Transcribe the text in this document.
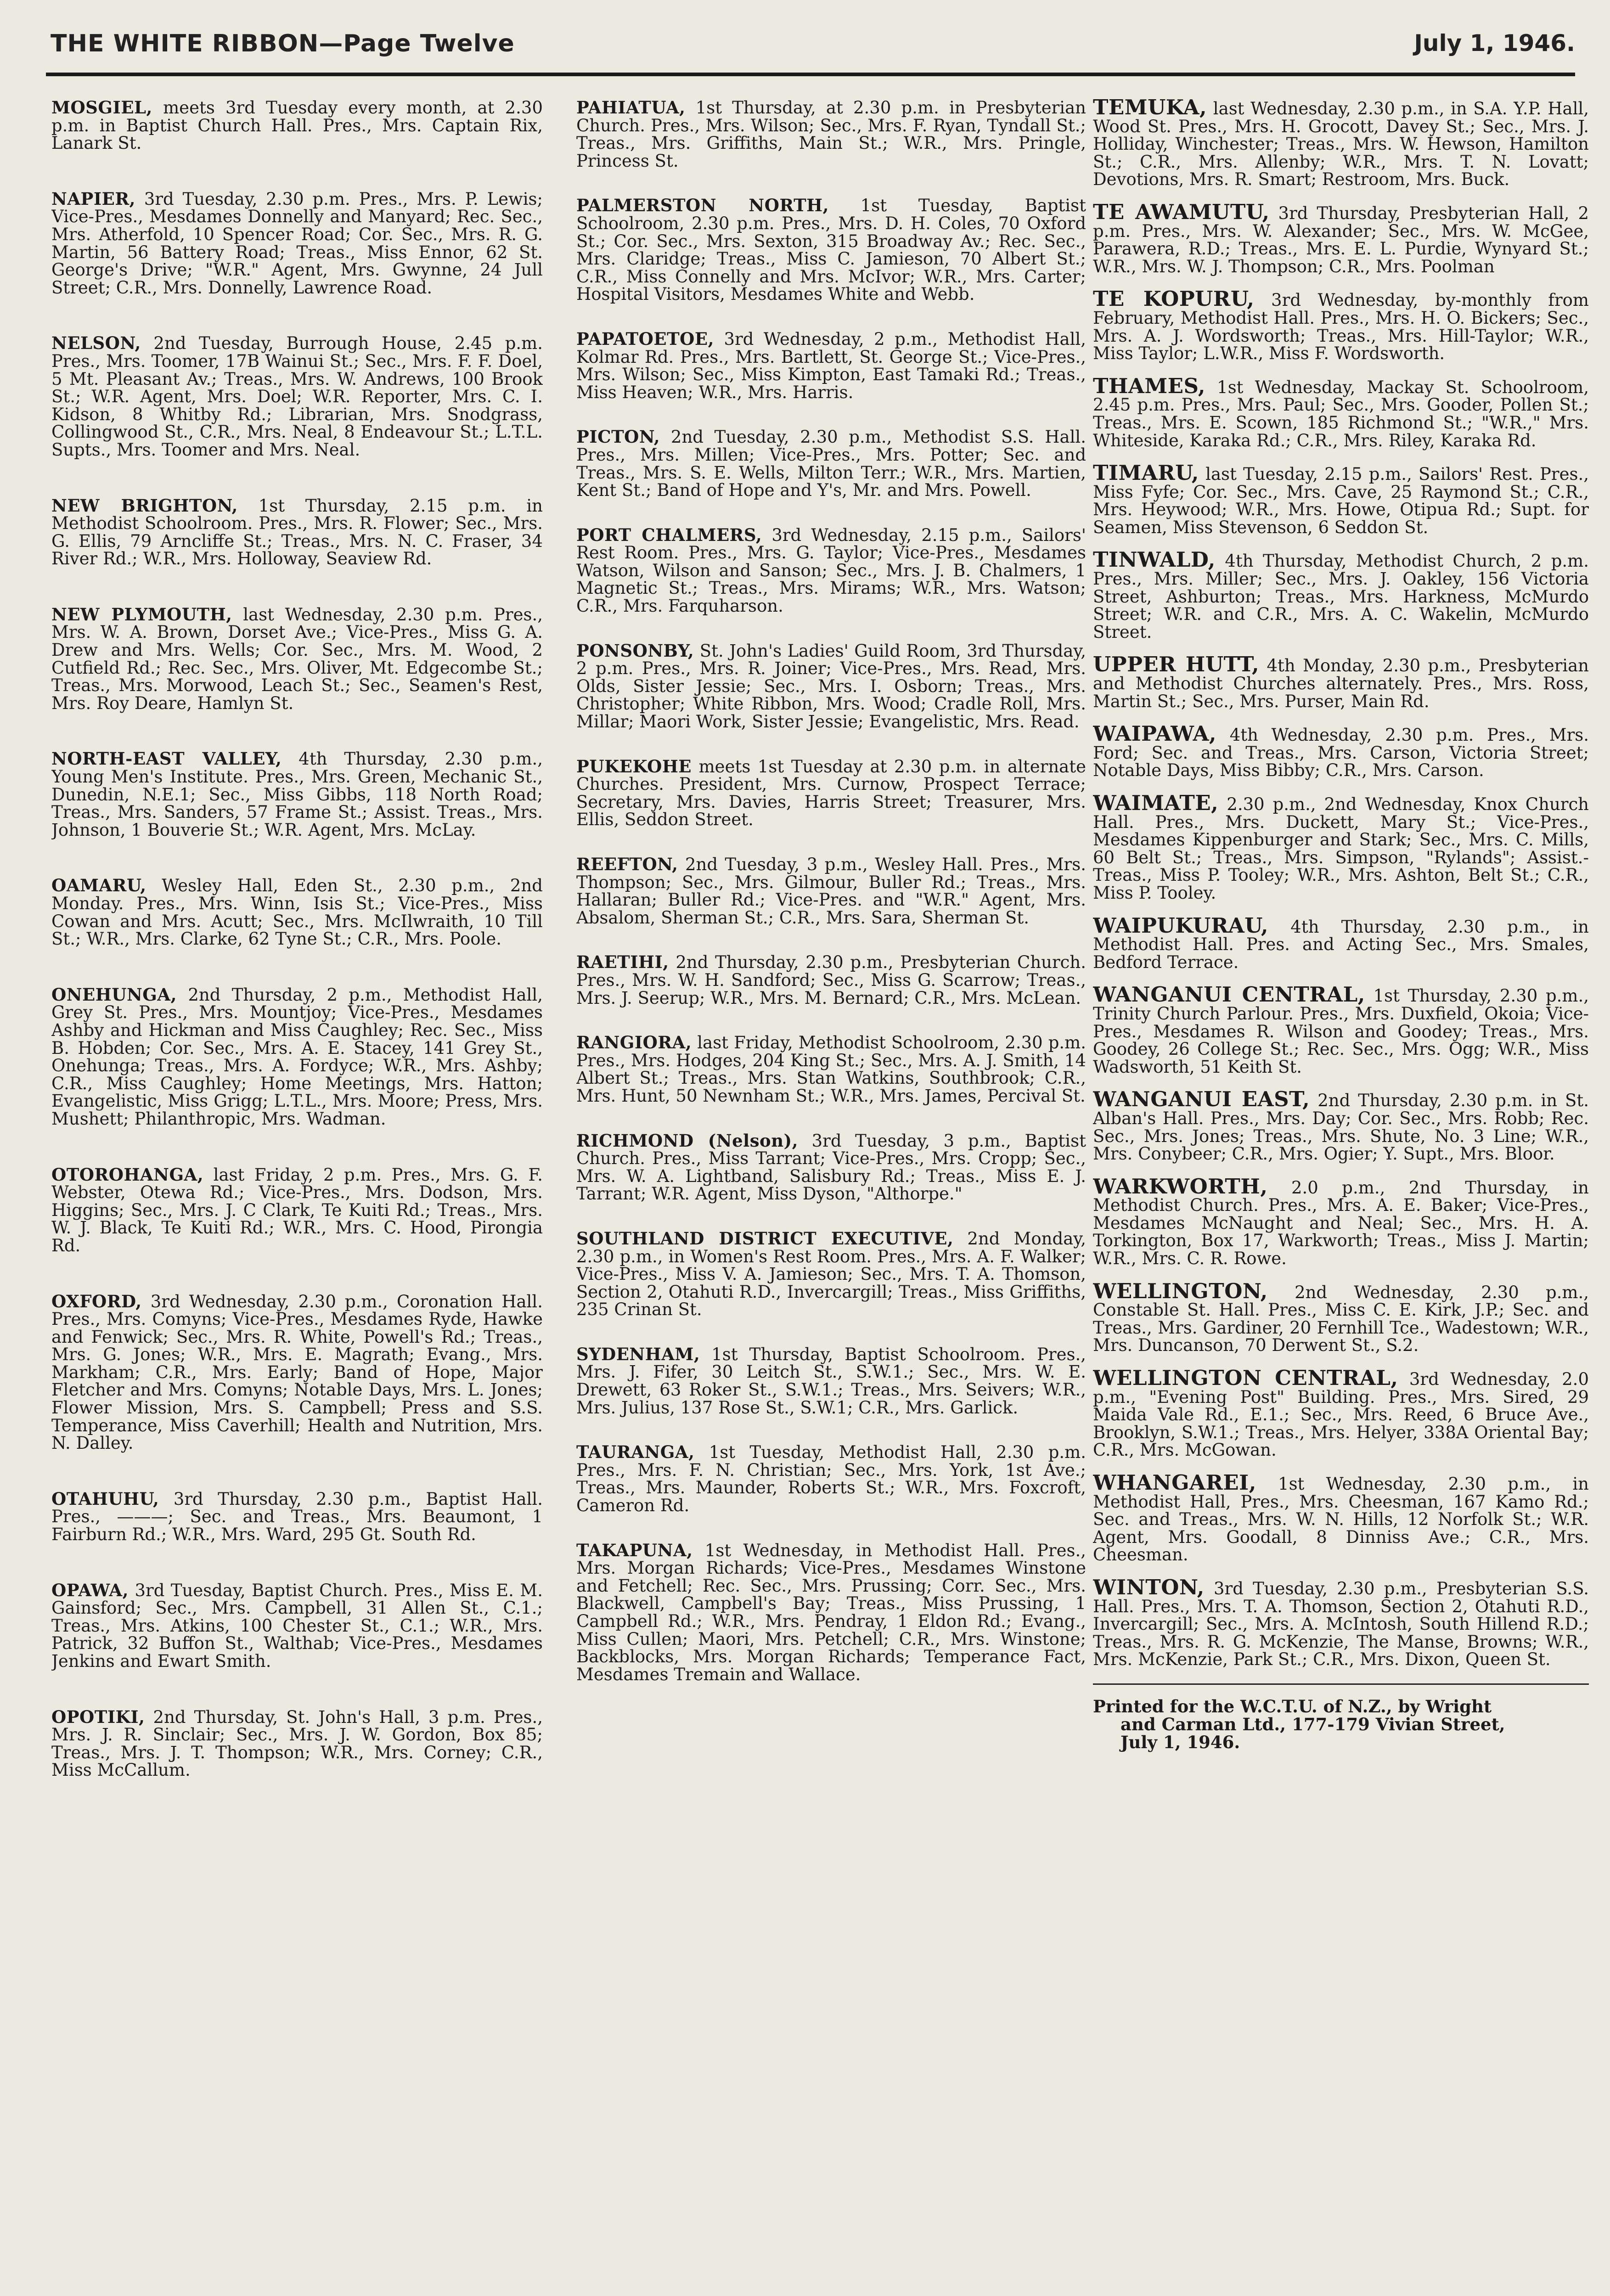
THE WHITE RIBBON—Page Twelve	July 1, 1946.
MOSGIEL, meets 3rd Tuesday every month, at 2.30 p.m. in Baptist Church Hall. Pres., Mrs. Captain Rix, Lanark St.
NAPIER, 3rd Tuesday, 2.30 p.m. Pres., Mrs. P. Lewis; Vice-Pres., Mesdames Donnelly and Manyard; Rec. Sec., Mrs. Atherfold, 10 Spencer Road; Cor. Sec., Mrs. R. G. Martin, 56 Battery Road; Treas., Miss Ennor, 62 St. George's Drive; "W.R." Agent, Mrs. Gwynne, 24 Jull Street; C.R., Mrs. Donnelly, Lawrence Road.
NELSON, 2nd Tuesday, Burrough House, 2.45 p.m. Pres., Mrs. Toomer, 17B Wainui St.; Sec., Mrs. F. F. Doel, 5 Mt. Pleasant Av.; Treas., Mrs. W. Andrews, 100 Brook St.; W.R. Agent, Mrs. Doel; W.R. Reporter, Mrs. C. I. Kidson, 8 Whitby Rd.; Librarian, Mrs. Snodgrass, Collingwood St., C.R., Mrs. Neal, 8 Endeavour St.; L.T.L. Supts., Mrs. Toomer and Mrs. Neal.
NEW BRIGHTON, 1st Thursday, 2.15 p.m. in Methodist Schoolroom. Pres., Mrs. R. Flower; Sec., Mrs. G. Ellis, 79 Arncliffe St.; Treas., Mrs. N. C. Fraser, 34 River Rd.; W.R., Mrs. Holloway, Seaview Rd.
NEW PLYMOUTH, last Wednesday, 2.30 p.m. Pres., Mrs. W. A. Brown, Dorset Ave.; Vice-Pres., Miss G. A. Drew and Mrs. Wells; Cor. Sec., Mrs. M. Wood, 2 Cutfield Rd.; Rec. Sec., Mrs. Oliver, Mt. Edgecombe St.; Treas., Mrs. Morwood, Leach St.; Sec., Seamen's Rest, Mrs. Roy Deare, Hamlyn St.
NORTH-EAST VALLEY, 4th Thursday, 2.30 p.m., Young Men's Institute. Pres., Mrs. Green, Mechanic St., Dunedin, N.E.1; Sec., Miss Gibbs, 118 North Road; Treas., Mrs. Sanders, 57 Frame St.; Assist. Treas., Mrs. Johnson, 1 Bouverie St.; W.R. Agent, Mrs. McLay.
OAMARU, Wesley Hall, Eden St., 2.30 p.m., 2nd Monday. Pres., Mrs. Winn, Isis St.; Vice-Pres., Miss Cowan and Mrs. Acutt; Sec., Mrs. McIlwraith, 10 Till St.; W.R., Mrs. Clarke, 62 Tyne St.; C.R., Mrs. Poole.
ONEHUNGA, 2nd Thursday, 2 p.m., Methodist Hall, Grey St. Pres., Mrs. Mountjoy; Vice-Pres., Mesdames Ashby and Hickman and Miss Caughley; Rec. Sec., Miss B. Hobden; Cor. Sec., Mrs. A. E. Stacey, 141 Grey St., Onehunga; Treas., Mrs. A. Fordyce; W.R., Mrs. Ashby; C.R., Miss Caughley; Home Meetings, Mrs. Hatton; Evangelistic, Miss Grigg; L.T.L., Mrs. Moore; Press, Mrs. Mushett; Philanthropic, Mrs. Wadman.
OTOROHANGA, last Friday, 2 p.m. Pres., Mrs. G. F. Webster, Otewa Rd.; Vice-Pres., Mrs. Dodson, Mrs. Higgins; Sec., Mrs. J. C Clark, Te Kuiti Rd.; Treas., Mrs. W. J. Black, Te Kuiti Rd.; W.R., Mrs. C. Hood, Pirongia Rd.
OXFORD, 3rd Wednesday, 2.30 p.m., Coronation Hall. Pres., Mrs. Comyns; Vice-Pres., Mesdames Ryde, Hawke and Fenwick; Sec., Mrs. R. White, Powell's Rd.; Treas., Mrs. G. Jones; W.R., Mrs. E. Magrath; Evang., Mrs. Markham; C.R., Mrs. Early; Band of Hope, Major Fletcher and Mrs. Comyns; Notable Days, Mrs. L. Jones; Flower Mission, Mrs. S. Campbell; Press and S.S. Temperance, Miss Caverhill; Health and Nutrition, Mrs. N. Dalley.
OTAHUHU, 3rd Thursday, 2.30 p.m., Baptist Hall. Pres., ———; Sec. and Treas., Mrs. Beaumont, 1 Fairburn Rd.; W.R., Mrs. Ward, 295 Gt. South Rd.
OPAWA, 3rd Tuesday, Baptist Church. Pres., Miss E. M. Gainsford; Sec., Mrs. Campbell, 31 Allen St., C.1.; Treas., Mrs. Atkins, 100 Chester St., C.1.; W.R., Mrs. Patrick, 32 Buffon St., Walthab; Vice-Pres., Mesdames Jenkins and Ewart Smith.
OPOTIKI, 2nd Thursday, St. John's Hall, 3 p.m. Pres., Mrs. J. R. Sinclair; Sec., Mrs. J. W. Gordon, Box 85; Treas., Mrs. J. T. Thompson; W.R., Mrs. Corney; C.R., Miss McCallum.
PAHIATUA, 1st Thursday, at 2.30 p.m. in Presbyterian Church. Pres., Mrs. Wilson; Sec., Mrs. F. Ryan, Tyndall St.; Treas., Mrs. Griffiths, Main St.; W.R., Mrs. Pringle, Princess St.
PALMERSTON NORTH, 1st Tuesday, Baptist Schoolroom, 2.30 p.m. Pres., Mrs. D. H. Coles, 70 Oxford St.; Cor. Sec., Mrs. Sexton, 315 Broadway Av.; Rec. Sec., Mrs. Claridge; Treas., Miss C. Jamieson, 70 Albert St.; C.R., Miss Connelly and Mrs. McIvor; W.R., Mrs. Carter; Hospital Visitors, Mesdames White and Webb.
PAPATOETOE, 3rd Wednesday, 2 p.m., Methodist Hall, Kolmar Rd. Pres., Mrs. Bartlett, St. George St.; Vice-Pres., Mrs. Wilson; Sec., Miss Kimpton, East Tamaki Rd.; Treas., Miss Heaven; W.R., Mrs. Harris.
PICTON, 2nd Tuesday, 2.30 p.m., Methodist S.S. Hall. Pres., Mrs. Millen; Vice-Pres., Mrs. Potter; Sec. and Treas., Mrs. S. E. Wells, Milton Terr.; W.R., Mrs. Martien, Kent St.; Band of Hope and Y's, Mr. and Mrs. Powell.
PORT CHALMERS, 3rd Wednesday, 2.15 p.m., Sailors' Rest Room. Pres., Mrs. G. Taylor; Vice-Pres., Mesdames Watson, Wilson and Sanson; Sec., Mrs. J. B. Chalmers, 1 Magnetic St.; Treas., Mrs. Mirams; W.R., Mrs. Watson; C.R., Mrs. Farquharson.
PONSONBY, St. John's Ladies' Guild Room, 3rd Thursday, 2 p.m. Pres., Mrs. R. Joiner; Vice-Pres., Mrs. Read, Mrs. Olds, Sister Jessie; Sec., Mrs. I. Osborn; Treas., Mrs. Christopher; White Ribbon, Mrs. Wood; Cradle Roll, Mrs. Millar; Maori Work, Sister Jessie; Evangelistic, Mrs. Read.
PUKEKOHE meets 1st Tuesday at 2.30 p.m. in alternate Churches. President, Mrs. Curnow, Prospect Terrace; Secretary, Mrs. Davies, Harris Street; Treasurer, Mrs. Ellis, Seddon Street.
REEFTON, 2nd Tuesday, 3 p.m., Wesley Hall. Pres., Mrs. Thompson; Sec., Mrs. Gilmour, Buller Rd.; Treas., Mrs. Hallaran; Buller Rd.; Vice-Pres. and "W.R." Agent, Mrs. Absalom, Sherman St.; C.R., Mrs. Sara, Sherman St.
RAETIHI, 2nd Thursday, 2.30 p.m., Presbyterian Church. Pres., Mrs. W. H. Sandford; Sec., Miss G. Scarrow; Treas., Mrs. J. Seerup; W.R., Mrs. M. Bernard; C.R., Mrs. McLean.
RANGIORA, last Friday, Methodist Schoolroom, 2.30 p.m. Pres., Mrs. Hodges, 204 King St.; Sec., Mrs. A. J. Smith, 14 Albert St.; Treas., Mrs. Stan Watkins, Southbrook; C.R., Mrs. Hunt, 50 Newnham St.; W.R., Mrs. James, Percival St.
RICHMOND (Nelson), 3rd Tuesday, 3 p.m., Baptist Church. Pres., Miss Tarrant; Vice-Pres., Mrs. Cropp; Sec., Mrs. W. A. Lightband, Salisbury Rd.; Treas., Miss E. J. Tarrant; W.R. Agent, Miss Dyson, "Althorpe."
SOUTHLAND DISTRICT EXECUTIVE, 2nd Monday, 2.30 p.m., in Women's Rest Room. Pres., Mrs. A. F. Walker; Vice-Pres., Miss V. A. Jamieson; Sec., Mrs. T. A. Thomson, Section 2, Otahuti R.D., Invercargill; Treas., Miss Griffiths, 235 Crinan St.
SYDENHAM, 1st Thursday, Baptist Schoolroom. Pres., Mrs. J. Fifer, 30 Leitch St., S.W.1.; Sec., Mrs. W. E. Drewett, 63 Roker St., S.W.1.; Treas., Mrs. Seivers; W.R., Mrs. Julius, 137 Rose St., S.W.1; C.R., Mrs. Garlick.
TAURANGA, 1st Tuesday, Methodist Hall, 2.30 p.m. Pres., Mrs. F. N. Christian; Sec., Mrs. York, 1st Ave.; Treas., Mrs. Maunder, Roberts St.; W.R., Mrs. Foxcroft, Cameron Rd.
TAKAPUNA, 1st Wednesday, in Methodist Hall. Pres., Mrs. Morgan Richards; Vice-Pres., Mesdames Winstone and Fetchell; Rec. Sec., Mrs. Prussing; Corr. Sec., Mrs. Blackwell, Campbell's Bay; Treas., Miss Prussing, 1 Campbell Rd.; W.R., Mrs. Pendray, 1 Eldon Rd.; Evang., Miss Cullen; Maori, Mrs. Petchell; C.R., Mrs. Winstone; Backblocks, Mrs. Morgan Richards; Temperance Fact, Mesdames Tremain and Wallace.
TEMUKA, last Wednesday, 2.30 p.m., in S.A. Y.P. Hall, Wood St. Pres., Mrs. H. Grocott, Davey St.; Sec., Mrs. J. Holliday, Winchester; Treas., Mrs. W. Hewson, Hamilton St.; C.R., Mrs. Allenby; W.R., Mrs. T. N. Lovatt; Devotions, Mrs. R. Smart; Restroom, Mrs. Buck.
TE AWAMUTU, 3rd Thursday, Presbyterian Hall, 2 p.m. Pres., Mrs. W. Alexander; Sec., Mrs. W. McGee, Parawera, R.D.; Treas., Mrs. E. L. Purdie, Wynyard St.; W.R., Mrs. W. J. Thompson; C.R., Mrs. Poolman
TE KOPURU, 3rd Wednesday, by-monthly from February, Methodist Hall. Pres., Mrs. H. O. Bickers; Sec., Mrs. A. J. Wordsworth; Treas., Mrs. Hill-Taylor; W.R., Miss Taylor; L.W.R., Miss F. Wordsworth.
THAMES, 1st Wednesday, Mackay St. Schoolroom, 2.45 p.m. Pres., Mrs. Paul; Sec., Mrs. Gooder, Pollen St.; Treas., Mrs. E. Scown, 185 Richmond St.; "W.R.," Mrs. Whiteside, Karaka Rd.; C.R., Mrs. Riley, Karaka Rd.
TIMARU, last Tuesday, 2.15 p.m., Sailors' Rest. Pres., Miss Fyfe; Cor. Sec., Mrs. Cave, 25 Raymond St.; C.R., Mrs. Heywood; W.R., Mrs. Howe, Otipua Rd.; Supt. for Seamen, Miss Stevenson, 6 Seddon St.
TINWALD, 4th Thursday, Methodist Church, 2 p.m. Pres., Mrs. Miller; Sec., Mrs. J. Oakley, 156 Victoria Street, Ashburton; Treas., Mrs. Harkness, McMurdo Street; W.R. and C.R., Mrs. A. C. Wakelin, McMurdo Street.
UPPER HUTT, 4th Monday, 2.30 p.m., Presbyterian and Methodist Churches alternately. Pres., Mrs. Ross, Martin St.; Sec., Mrs. Purser, Main Rd.
WAIPAWA, 4th Wednesday, 2.30 p.m. Pres., Mrs. Ford; Sec. and Treas., Mrs. Carson, Victoria Street; Notable Days, Miss Bibby; C.R., Mrs. Carson.
WAIMATE, 2.30 p.m., 2nd Wednesday, Knox Church Hall. Pres., Mrs. Duckett, Mary St.; Vice-Pres., Mesdames Kippenburger and Stark; Sec., Mrs. C. Mills, 60 Belt St.; Treas., Mrs. Simpson, "Rylands"; Assist.-Treas., Miss P. Tooley; W.R., Mrs. Ashton, Belt St.; C.R., Miss P. Tooley.
WAIPUKURAU, 4th Thursday, 2.30 p.m., in Methodist Hall. Pres. and Acting Sec., Mrs. Smales, Bedford Terrace.
WANGANUI CENTRAL, 1st Thursday, 2.30 p.m., Trinity Church Parlour. Pres., Mrs. Duxfield, Okoia; Vice-Pres., Mesdames R. Wilson and Goodey; Treas., Mrs. Goodey, 26 College St.; Rec. Sec., Mrs. Ogg; W.R., Miss Wadsworth, 51 Keith St.
WANGANUI EAST, 2nd Thursday, 2.30 p.m. in St. Alban's Hall. Pres., Mrs. Day; Cor. Sec., Mrs. Robb; Rec. Sec., Mrs. Jones; Treas., Mrs. Shute, No. 3 Line; W.R., Mrs. Conybeer; C.R., Mrs. Ogier; Y. Supt., Mrs. Bloor.
WARKWORTH, 2.0 p.m., 2nd Thursday, in Methodist Church. Pres., Mrs. A. E. Baker; Vice-Pres., Mesdames McNaught and Neal; Sec., Mrs. H. A. Torkington, Box 17, Warkworth; Treas., Miss J. Martin; W.R., Mrs. C. R. Rowe.
WELLINGTON, 2nd Wednesday, 2.30 p.m., Constable St. Hall. Pres., Miss C. E. Kirk, J.P.; Sec. and Treas., Mrs. Gardiner, 20 Fernhill Tce., Wadestown; W.R., Mrs. Duncanson, 70 Derwent St., S.2.
WELLINGTON CENTRAL, 3rd Wednesday, 2.0 p.m., "Evening Post" Building. Pres., Mrs. Sired, 29 Maida Vale Rd., E.1.; Sec., Mrs. Reed, 6 Bruce Ave., Brooklyn, S.W.1.; Treas., Mrs. Helyer, 338A Oriental Bay; C.R., Mrs. McGowan.
WHANGAREI, 1st Wednesday, 2.30 p.m., in Methodist Hall, Pres., Mrs. Cheesman, 167 Kamo Rd.; Sec. and Treas., Mrs. W. N. Hills, 12 Norfolk St.; W.R. Agent, Mrs. Goodall, 8 Dinniss Ave.; C.R., Mrs. Cheesman.
WINTON, 3rd Tuesday, 2.30 p.m., Presbyterian S.S. Hall. Pres., Mrs. T. A. Thomson, Section 2, Otahuti R.D., Invercargill; Sec., Mrs. A. McIntosh, South Hillend R.D.; Treas., Mrs. R. G. McKenzie, The Manse, Browns; W.R., Mrs. McKenzie, Park St.; C.R., Mrs. Dixon, Queen St.
Printed for the W.C.T.U. of N.Z., by Wright
and Carman Ltd., 177-179 Vivian Street,
July 1, 1946.
